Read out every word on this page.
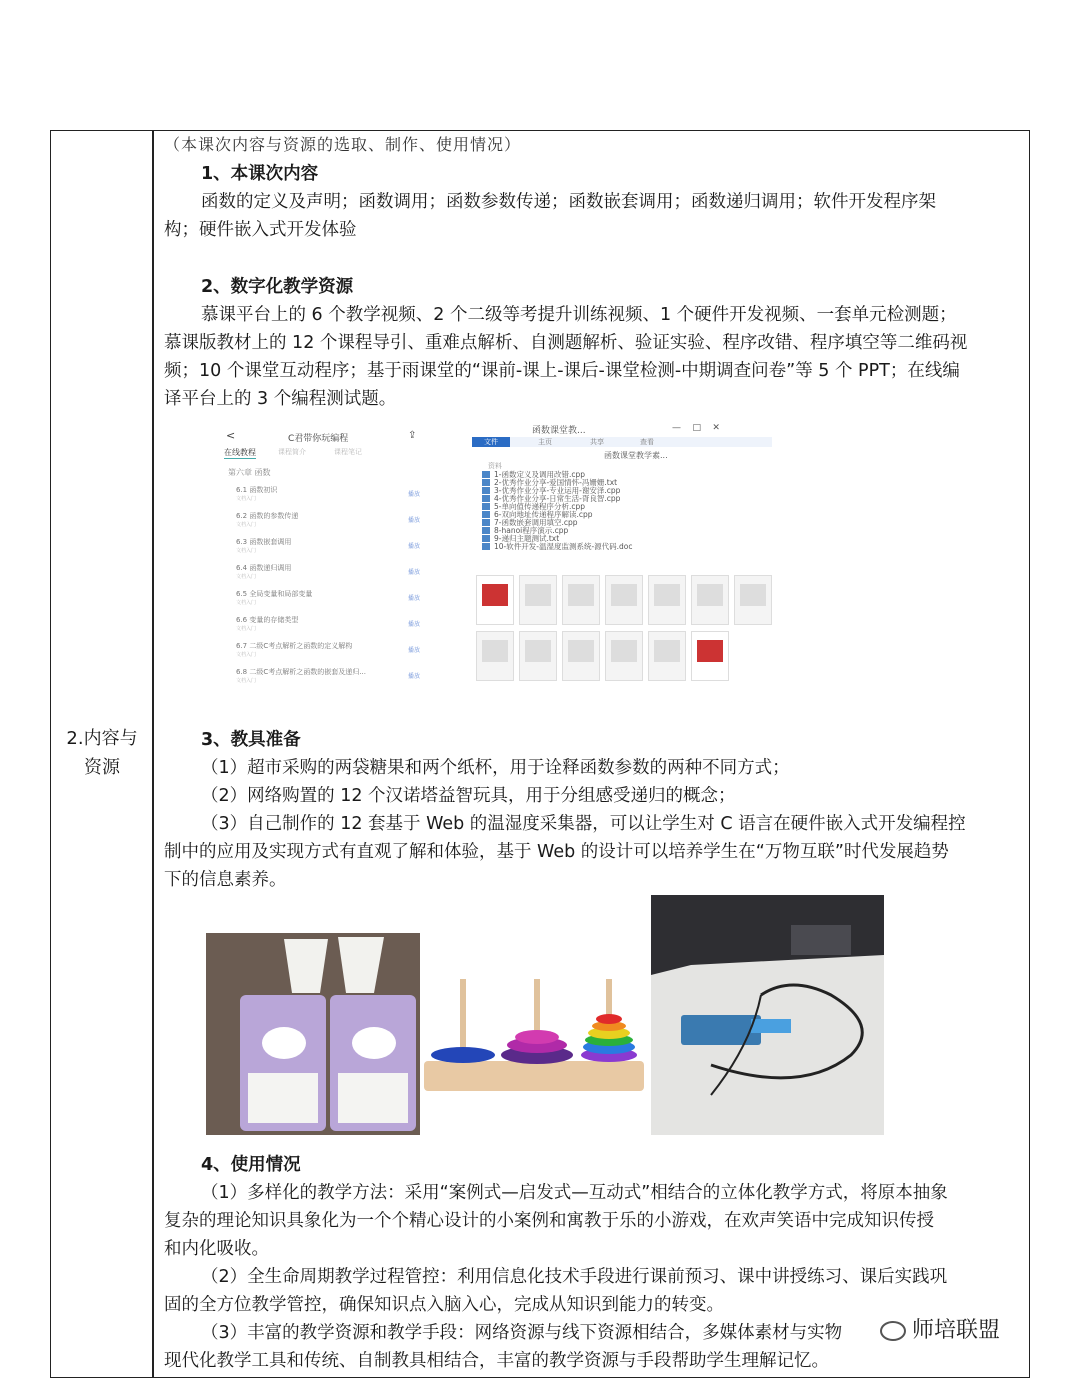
2.内容与
资源
（本课次内容与资源的选取、制作、使用情况）
1、本课次内容
函数的定义及声明；函数调用；函数参数传递；函数嵌套调用；函数递归调用；软件开发程序架
构；硬件嵌入式开发体验
2、数字化教学资源
慕课平台上的 6 个教学视频、2 个二级等考提升训练视频、1 个硬件开发视频、一套单元检测题；
慕课版教材上的 12 个课程导引、重难点解析、自测题解析、验证实验、程序改错、程序填空等二维码视
频；10 个课堂互动程序；基于雨课堂的“课前-课上-课后-课堂检测-中期调查问卷”等 5 个 PPT；在线编
译平台上的 3 个编程测试题。
<	C君带你玩编程	⇪
在线教程	课程简介	课程笔记
第六章 函数
6.1 函数初识
文档入门
播放
6.2 函数的参数传递
文档入门
播放
6.3 函数嵌套调用
文档入门
播放
6.4 函数递归调用
文档入门
播放
6.5 全局变量和局部变量
文档入门
播放
6.6 变量的存储类型
文档入门
播放
6.7 二级C考点解析之函数的定义解构
文档入门
播放
6.8 二级C考点解析之函数的嵌套及递归...
文档入门
播放
函数课堂教...	—    □    ✕
文件	主页	共享	查看
函数课堂教学素...
资料
1-函数定义及调用改错.cpp
2-优秀作业分享-爱国情怀-冯姗姗.txt
3-优秀作业分享-专业运用-谢安泽.cpp
4-优秀作业分享-日常生活-胥良智.cpp
5-单向值传递程序分析.cpp
6-双向地址传递程序解读.cpp
7-函数嵌套调用填空.cpp
8-hanoi程序演示.cpp
9-递归主题测试.txt
10-软件开发-温湿度监测系统-源代码.doc
3、教具准备
（1）超市采购的两袋糖果和两个纸杯，用于诠释函数参数的两种不同方式；
（2）网络购置的 12 个汉诺塔益智玩具，用于分组感受递归的概念；
（3）自己制作的 12 套基于 Web 的温湿度采集器，可以让学生对 C 语言在硬件嵌入式开发编程控
制中的应用及实现方式有直观了解和体验，基于 Web 的设计可以培养学生在“万物互联”时代发展趋势
下的信息素养。
4、使用情况
（1）多样化的教学方法：采用“案例式—启发式—互动式”相结合的立体化教学方式，将原本抽象
复杂的理论知识具象化为一个个精心设计的小案例和寓教于乐的小游戏，在欢声笑语中完成知识传授
和内化吸收。
（2）全生命周期教学过程管控：利用信息化技术手段进行课前预习、课中讲授练习、课后实践巩
固的全方位教学管控，确保知识点入脑入心，完成从知识到能力的转变。
（3）丰富的教学资源和教学手段：网络资源与线下资源相结合，多媒体素材与实物
现代化教学工具和传统、自制教具相结合，丰富的教学资源与手段帮助学生理解记忆。
师培联盟
